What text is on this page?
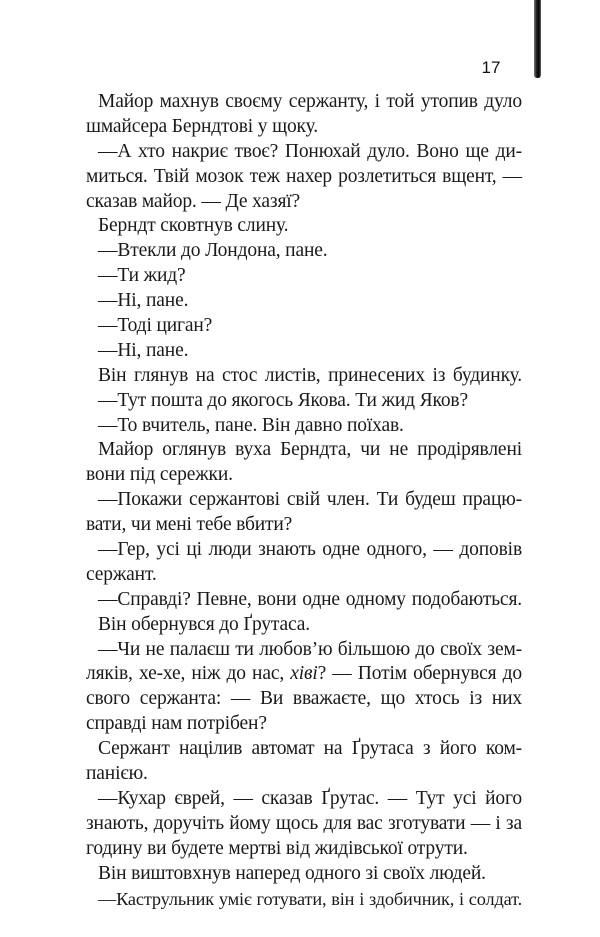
17
Майор махнув своєму сержанту, і той утопив дуло
шмайсера Берндтові у щоку.
—А хто накриє твоє? Понюхай дуло. Воно ще ди-
миться. Твій мозок теж нахер розлетиться вщент, —
сказав майор. — Де хазяї?
Берндт сковтнув слину.
—Втекли до Лондона, пане.
—Ти жид?
—Ні, пане.
—Тоді циган?
—Ні, пане.
Він глянув на стос листів, принесених із будинку.
—Тут пошта до якогось Якова. Ти жид Яков?
—То вчитель, пане. Він давно поїхав.
Майор оглянув вуха Берндта, чи не продірявлені
вони під сережки.
—Покажи сержантові свій член. Ти будеш працю-
вати, чи мені тебе вбити?
—Гер, усі ці люди знають одне одного, — доповів
сержант.
—Справді? Певне, вони одне одному подобаються.
Він обернувся до Ґрутаса.
—Чи не палаєш ти любов’ю більшою до своїх зем-
ляків, хе-хе, ніж до нас, хіві? — Потім обернувся до
свого сержанта: — Ви вважаєте, що хтось із них
справді нам потрібен?
Сержант націлив автомат на Ґрутаса з його ком-
панією.
—Кухар єврей, — сказав Ґрутас. — Тут усі його
знають, доручіть йому щось для вас зготувати — і за
годину ви будете мертві від жидівської отрути.
Він виштовхнув наперед одного зі своїх людей.
—Каструльник уміє готувати, він і здобичник, і солдат.
